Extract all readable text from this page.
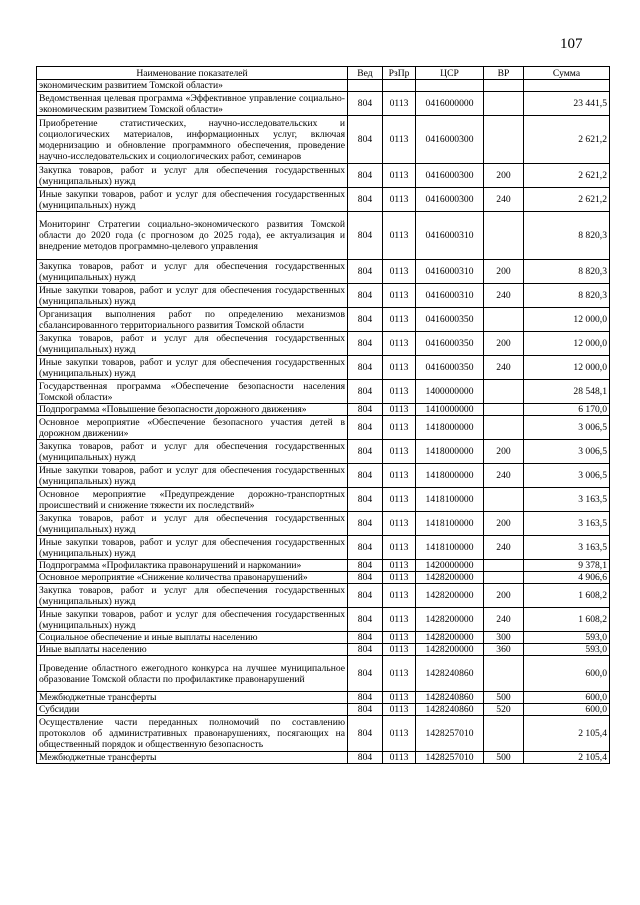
107
Наименование показателей	Вед	РзПр	ЦСР	ВР	Сумма
экономическим развитием Томской области»					
Ведомственная целевая программа «Эффективное управление социально-экономическим развитием Томской области»	804	0113	0416000000		23 441,5
Приобретение статистических, научно-исследовательских и социологических материалов, информационных услуг, включая модернизацию и обновление программного обеспечения, проведение научно-исследовательских и социологических работ, семинаров	804	0113	0416000300		2 621,2
Закупка товаров, работ и услуг для обеспечения государственных (муниципальных) нужд	804	0113	0416000300	200	2 621,2
Иные закупки товаров, работ и услуг для обеспечения государственных (муниципальных) нужд	804	0113	0416000300	240	2 621,2
Мониторинг Стратегии социально-экономического развития Томской области до 2020 года (с прогнозом до 2025 года), ее актуализация и внедрение методов программно-целевого управления	804	0113	0416000310		8 820,3
Закупка товаров, работ и услуг для обеспечения государственных (муниципальных) нужд	804	0113	0416000310	200	8 820,3
Иные закупки товаров, работ и услуг для обеспечения государственных (муниципальных) нужд	804	0113	0416000310	240	8 820,3
Организация выполнения работ по определению механизмов сбалансированного территориального развития Томской области	804	0113	0416000350		12 000,0
Закупка товаров, работ и услуг для обеспечения государственных (муниципальных) нужд	804	0113	0416000350	200	12 000,0
Иные закупки товаров, работ и услуг для обеспечения государственных (муниципальных) нужд	804	0113	0416000350	240	12 000,0
Государственная программа «Обеспечение безопасности населения Томской области»	804	0113	1400000000		28 548,1
Подпрограмма «Повышение безопасности дорожного движения»	804	0113	1410000000		6 170,0
Основное мероприятие «Обеспечение безопасного участия детей в дорожном движении»	804	0113	1418000000		3 006,5
Закупка товаров, работ и услуг для обеспечения государственных (муниципальных) нужд	804	0113	1418000000	200	3 006,5
Иные закупки товаров, работ и услуг для обеспечения государственных (муниципальных) нужд	804	0113	1418000000	240	3 006,5
Основное мероприятие «Предупреждение дорожно-транспортных происшествий и снижение тяжести их последствий»	804	0113	1418100000		3 163,5
Закупка товаров, работ и услуг для обеспечения государственных (муниципальных) нужд	804	0113	1418100000	200	3 163,5
Иные закупки товаров, работ и услуг для обеспечения государственных (муниципальных) нужд	804	0113	1418100000	240	3 163,5
Подпрограмма «Профилактика правонарушений и наркомании»	804	0113	1420000000		9 378,1
Основное мероприятие «Снижение количества правонарушений»	804	0113	1428200000		4 906,6
Закупка товаров, работ и услуг для обеспечения государственных (муниципальных) нужд	804	0113	1428200000	200	1 608,2
Иные закупки товаров, работ и услуг для обеспечения государственных (муниципальных) нужд	804	0113	1428200000	240	1 608,2
Социальное обеспечение и иные выплаты населению	804	0113	1428200000	300	593,0
Иные выплаты населению	804	0113	1428200000	360	593,0
Проведение областного ежегодного конкурса на лучшее муниципальное образование Томской области по профилактике правонарушений	804	0113	1428240860		600,0
Межбюджетные трансферты	804	0113	1428240860	500	600,0
Субсидии	804	0113	1428240860	520	600,0
Осуществление части переданных полномочий по составлению протоколов об административных правонарушениях, посягающих на общественный порядок и общественную безопасность	804	0113	1428257010		2 105,4
Межбюджетные трансферты	804	0113	1428257010	500	2 105,4
